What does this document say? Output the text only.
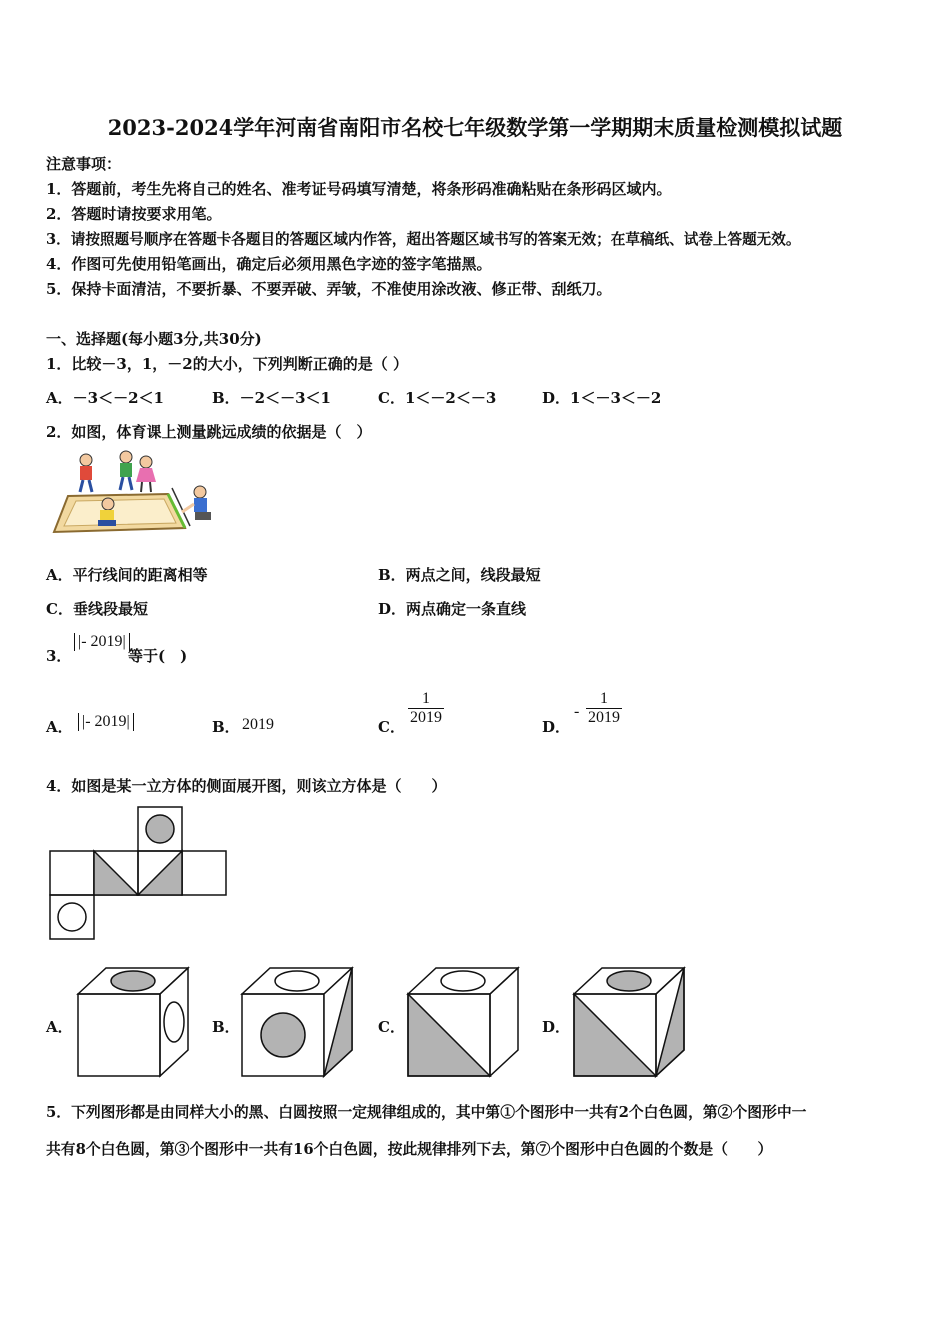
2023-2024学年河南省南阳市名校七年级数学第一学期期末质量检测模拟试题
注意事项：
1．答题前，考生先将自己的姓名、准考证号码填写清楚，将条形码准确粘贴在条形码区域内。
2．答题时请按要求用笔。
3．请按照题号顺序在答题卡各题目的答题区域内作答，超出答题区域书写的答案无效；在草稿纸、试卷上答题无效。
4．作图可先使用铅笔画出，确定后必须用黑色字迹的签字笔描黑。
5．保持卡面清洁，不要折暴、不要弄破、弄皱，不准使用涂改液、修正带、刮纸刀。
一、选择题(每小题3分,共30分)
1．比较－3，1，－2的大小，下列判断正确的是（ ）
A．－3＜－2＜1	B．－2＜－3＜1	C．1＜－2＜－3	D．1＜－3＜－2
2．如图，体育课上测量跳远成绩的依据是（　）
A．平行线间的距离相等	B．两点之间，线段最短
C．垂线段最短	D．两点确定一条直线
3．
|- 2019|
等于(　)
A． |- 2019|	B． 2019	C． $\frac{1}{2019}$	D．
- $\frac{1}{2019}$
4．如图是某一立方体的侧面展开图，则该立方体是（　　）
A．	B．	C．	D．
5．下列图形都是由同样大小的黑、白圆按照一定规律组成的，其中第①个图形中一共有2个白色圆，第②个图形中一
共有8个白色圆，第③个图形中一共有16个白色圆，按此规律排列下去，第⑦个图形中白色圆的个数是（　　）
